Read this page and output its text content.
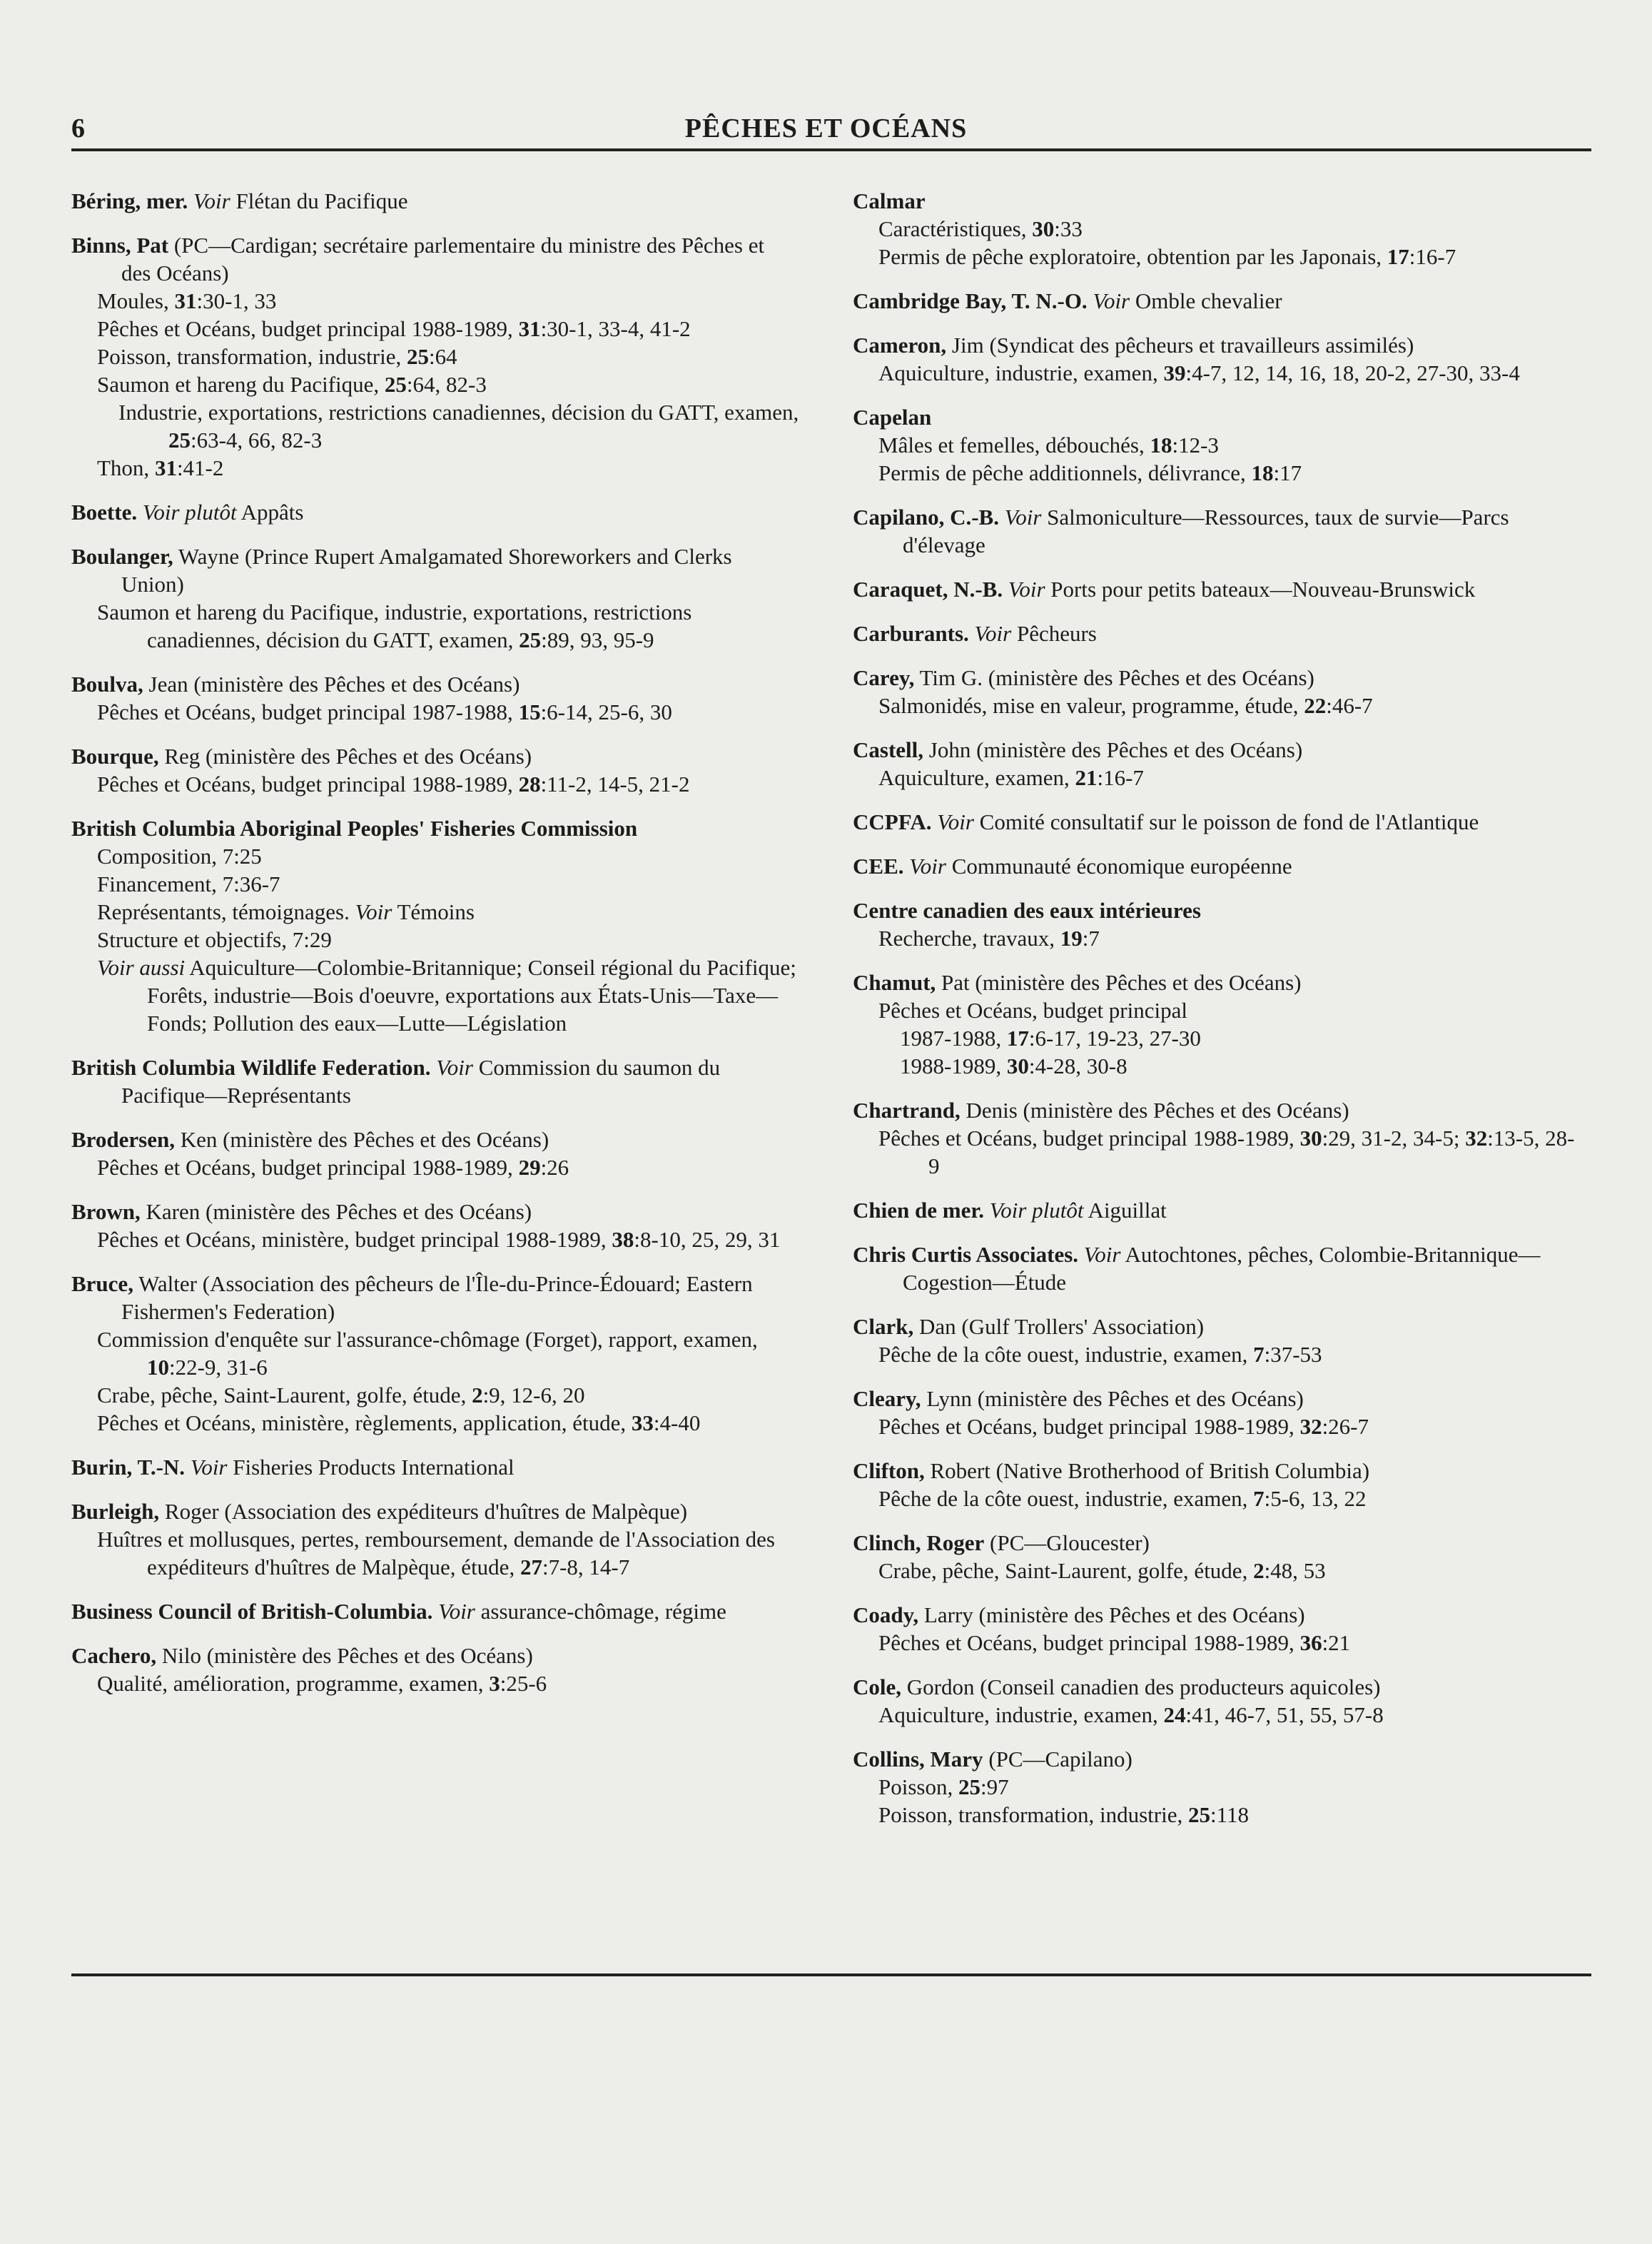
6	PÊCHES ET OCÉANS
Béring, mer. Voir Flétan du Pacifique
Binns, Pat (PC—Cardigan; secrétaire parlementaire du ministre des Pêches et des Océans)
Moules, 31:30-1, 33
Pêches et Océans, budget principal 1988-1989, 31:30-1, 33-4, 41-2
Poisson, transformation, industrie, 25:64
Saumon et hareng du Pacifique, 25:64, 82-3
Industrie, exportations, restrictions canadiennes, décision du GATT, examen, 25:63-4, 66, 82-3
Thon, 31:41-2
Boette. Voir plutôt Appâts
Boulanger, Wayne (Prince Rupert Amalgamated Shoreworkers and Clerks Union)
Saumon et hareng du Pacifique, industrie, exportations, restrictions canadiennes, décision du GATT, examen, 25:89, 93, 95-9
Boulva, Jean (ministère des Pêches et des Océans)
Pêches et Océans, budget principal 1987-1988, 15:6-14, 25-6, 30
Bourque, Reg (ministère des Pêches et des Océans)
Pêches et Océans, budget principal 1988-1989, 28:11-2, 14-5, 21-2
British Columbia Aboriginal Peoples' Fisheries Commission
Composition, 7:25
Financement, 7:36-7
Représentants, témoignages. Voir Témoins
Structure et objectifs, 7:29
Voir aussi Aquiculture—Colombie-Britannique; Conseil régional du Pacifique; Forêts, industrie—Bois d'oeuvre, exportations aux États-Unis—Taxe—Fonds; Pollution des eaux—Lutte—Législation
British Columbia Wildlife Federation. Voir Commission du saumon du Pacifique—Représentants
Brodersen, Ken (ministère des Pêches et des Océans)
Pêches et Océans, budget principal 1988-1989, 29:26
Brown, Karen (ministère des Pêches et des Océans)
Pêches et Océans, ministère, budget principal 1988-1989, 38:8-10, 25, 29, 31
Bruce, Walter (Association des pêcheurs de l'Île-du-Prince-Édouard; Eastern Fishermen's Federation)
Commission d'enquête sur l'assurance-chômage (Forget), rapport, examen, 10:22-9, 31-6
Crabe, pêche, Saint-Laurent, golfe, étude, 2:9, 12-6, 20
Pêches et Océans, ministère, règlements, application, étude, 33:4-40
Burin, T.-N. Voir Fisheries Products International
Burleigh, Roger (Association des expéditeurs d'huîtres de Malpèque)
Huîtres et mollusques, pertes, remboursement, demande de l'Association des expéditeurs d'huîtres de Malpèque, étude, 27:7-8, 14-7
Business Council of British-Columbia. Voir assurance-chômage, régime
Cachero, Nilo (ministère des Pêches et des Océans)
Qualité, amélioration, programme, examen, 3:25-6
Calmar
Caractéristiques, 30:33
Permis de pêche exploratoire, obtention par les Japonais, 17:16-7
Cambridge Bay, T. N.-O. Voir Omble chevalier
Cameron, Jim (Syndicat des pêcheurs et travailleurs assimilés)
Aquiculture, industrie, examen, 39:4-7, 12, 14, 16, 18, 20-2, 27-30, 33-4
Capelan
Mâles et femelles, débouchés, 18:12-3
Permis de pêche additionnels, délivrance, 18:17
Capilano, C.-B. Voir Salmoniculture—Ressources, taux de survie—Parcs d'élevage
Caraquet, N.-B. Voir Ports pour petits bateaux—Nouveau-Brunswick
Carburants. Voir Pêcheurs
Carey, Tim G. (ministère des Pêches et des Océans)
Salmonidés, mise en valeur, programme, étude, 22:46-7
Castell, John (ministère des Pêches et des Océans)
Aquiculture, examen, 21:16-7
CCPFA. Voir Comité consultatif sur le poisson de fond de l'Atlantique
CEE. Voir Communauté économique européenne
Centre canadien des eaux intérieures
Recherche, travaux, 19:7
Chamut, Pat (ministère des Pêches et des Océans)
Pêches et Océans, budget principal
1987-1988, 17:6-17, 19-23, 27-30
1988-1989, 30:4-28, 30-8
Chartrand, Denis (ministère des Pêches et des Océans)
Pêches et Océans, budget principal 1988-1989, 30:29, 31-2, 34-5; 32:13-5, 28-9
Chien de mer. Voir plutôt Aiguillat
Chris Curtis Associates. Voir Autochtones, pêches, Colombie-Britannique—Cogestion—Étude
Clark, Dan (Gulf Trollers' Association)
Pêche de la côte ouest, industrie, examen, 7:37-53
Cleary, Lynn (ministère des Pêches et des Océans)
Pêches et Océans, budget principal 1988-1989, 32:26-7
Clifton, Robert (Native Brotherhood of British Columbia)
Pêche de la côte ouest, industrie, examen, 7:5-6, 13, 22
Clinch, Roger (PC—Gloucester)
Crabe, pêche, Saint-Laurent, golfe, étude, 2:48, 53
Coady, Larry (ministère des Pêches et des Océans)
Pêches et Océans, budget principal 1988-1989, 36:21
Cole, Gordon (Conseil canadien des producteurs aquicoles)
Aquiculture, industrie, examen, 24:41, 46-7, 51, 55, 57-8
Collins, Mary (PC—Capilano)
Poisson, 25:97
Poisson, transformation, industrie, 25:118
